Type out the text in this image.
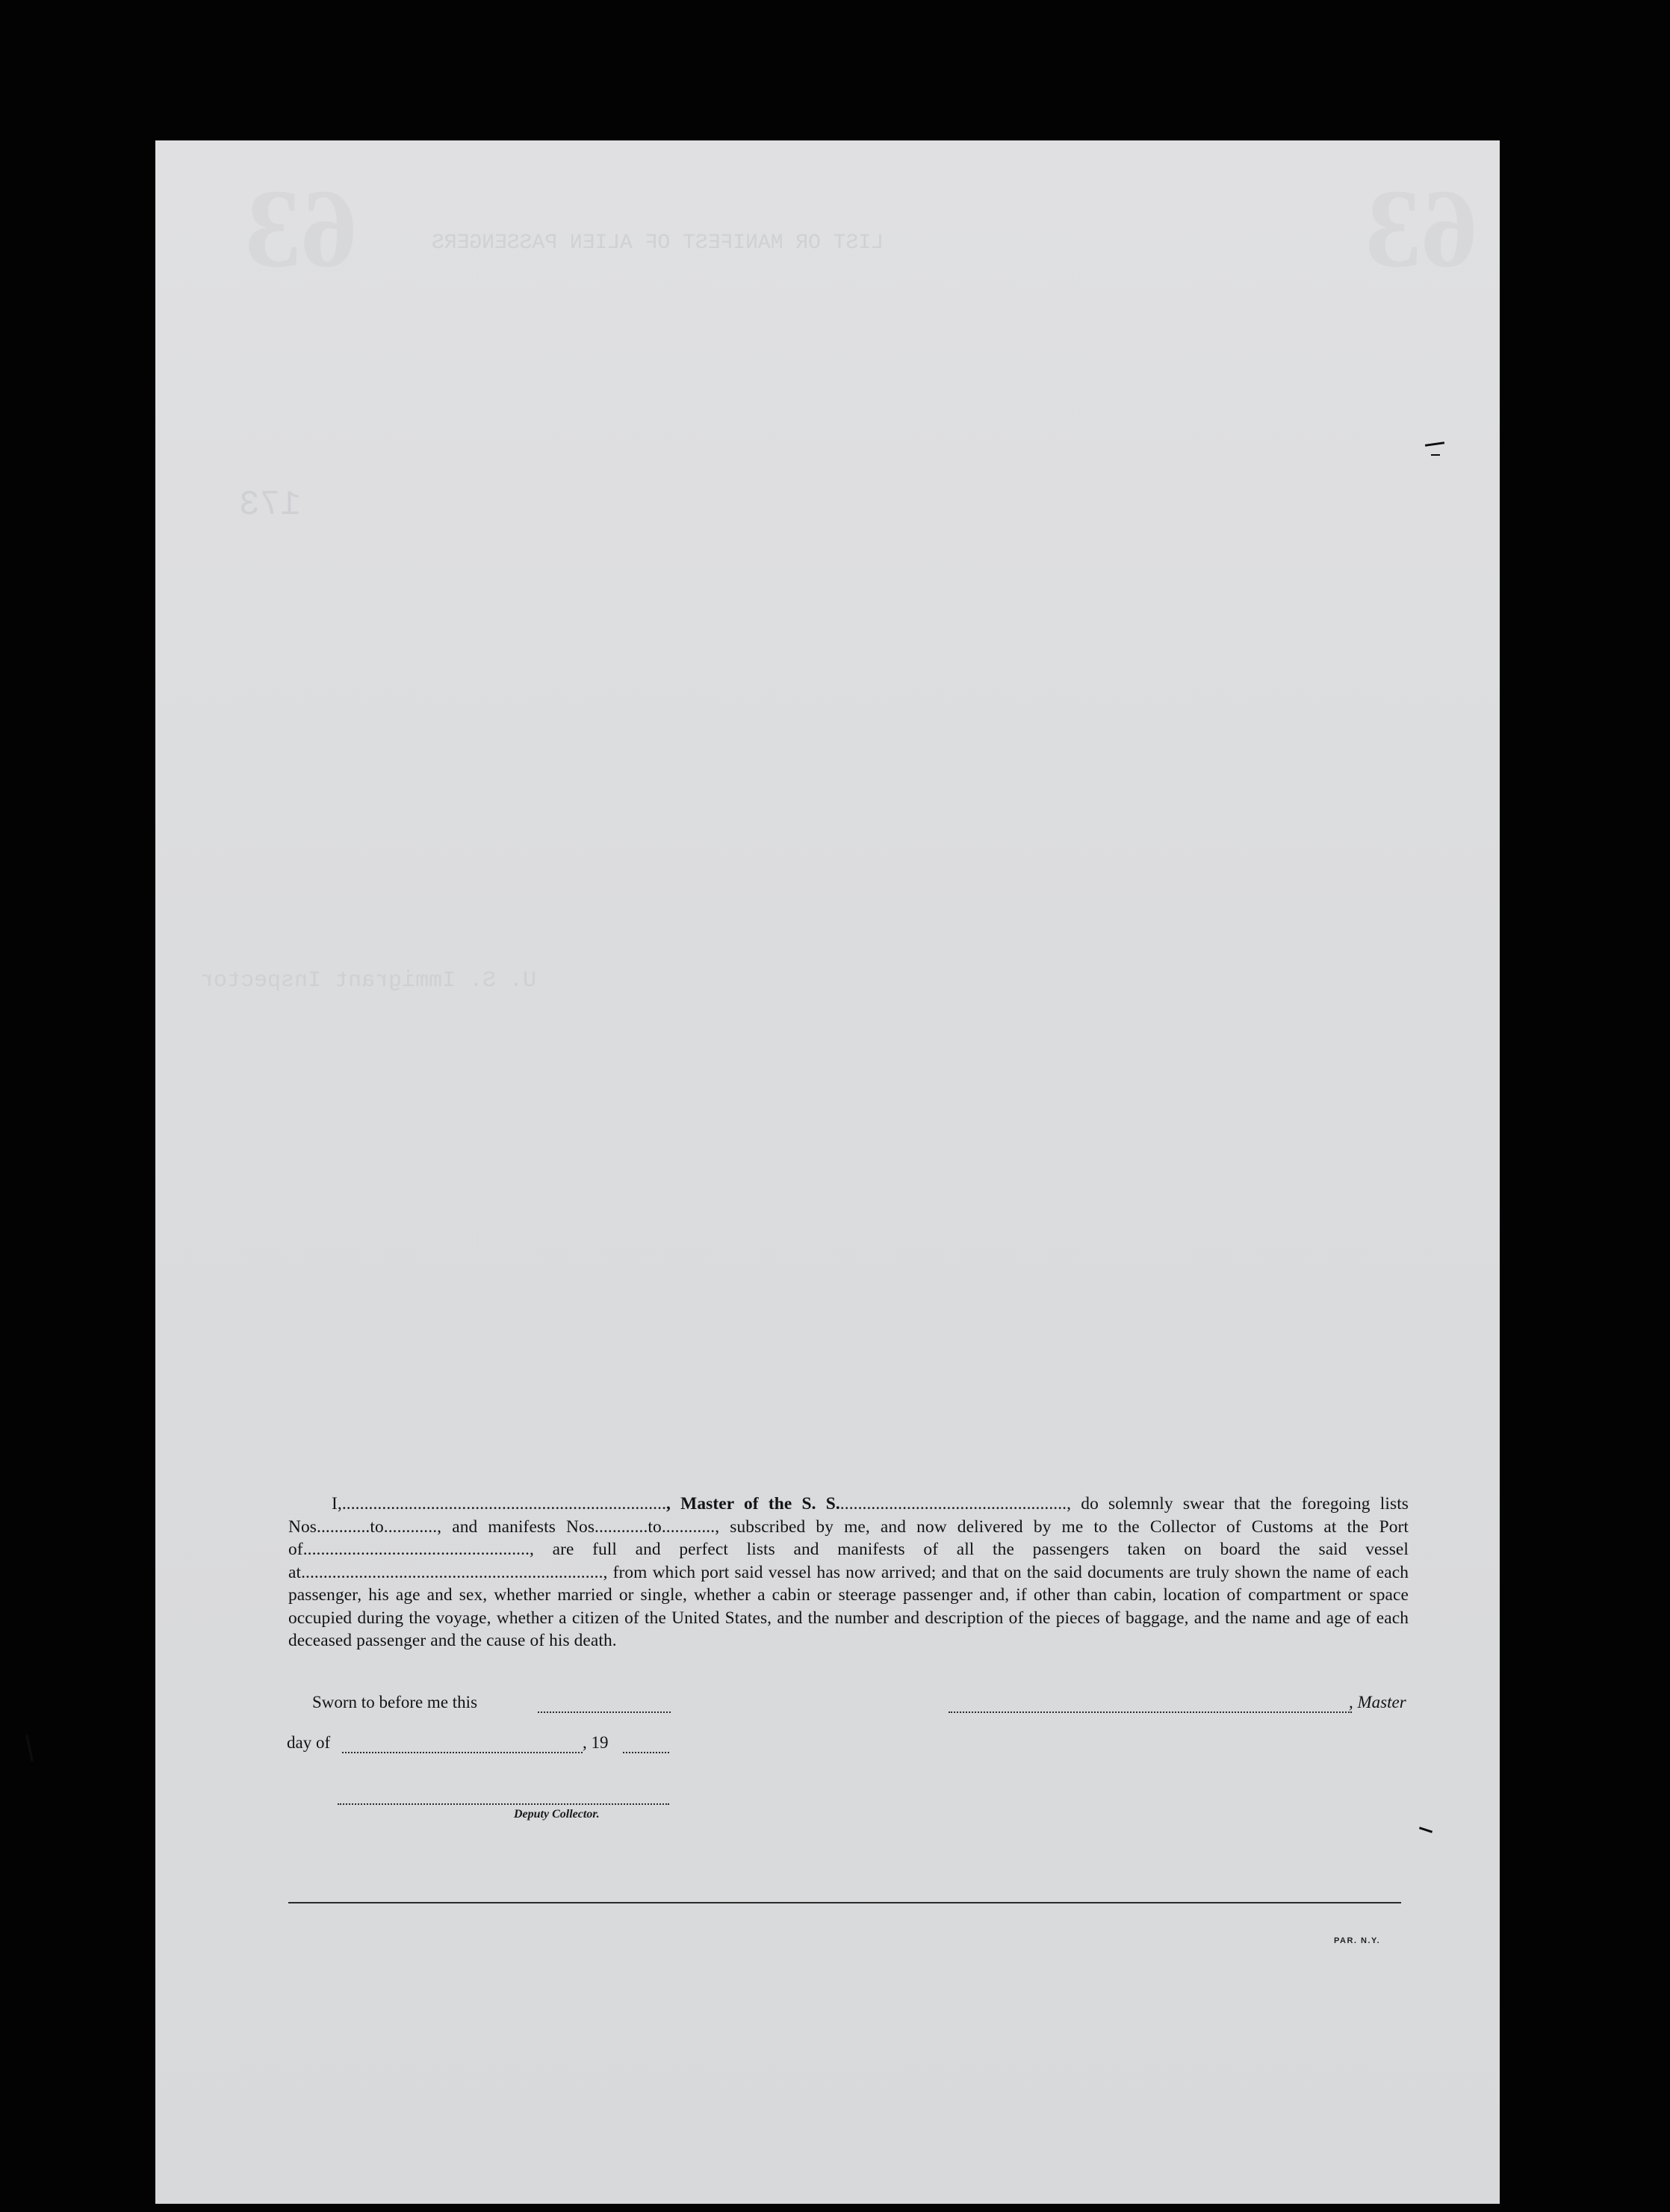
63	63
LIST OR MANIFEST OF ALIEN PASSENGERS
173
U. S. Immigrant Inspector

I,........................................................................., Master of the S. S...................................................., do solemnly swear that the foregoing lists Nos............to............, and manifests Nos............to............, subscribed by me, and now delivered by me to the Collector of Customs at the Port of..................................................., are full and perfect lists and manifests of all the passengers taken on board the said vessel at...................................................................., from which port said vessel has now arrived; and that on the said documents are truly shown the name of each passenger, his age and sex, whether married or single, whether a cabin or steerage passenger and, if other than cabin, location of compartment or space occupied during the voyage, whether a citizen of the United States, and the number and description of the pieces of baggage, and the name and age of each deceased passenger and the cause of his death.

Sworn to before me this	, Master
day of	, 19
Deputy Collector.
PAR. N.Y.
